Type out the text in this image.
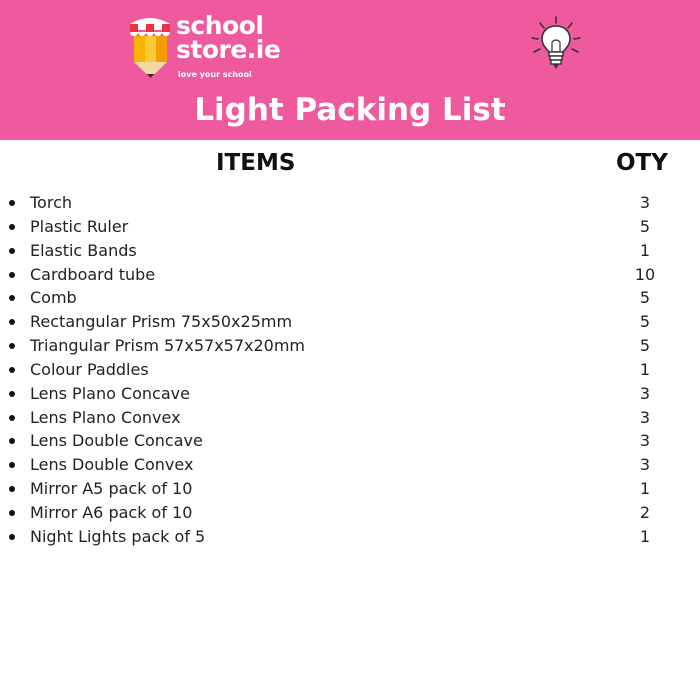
school
store.ie
love your school
Light Packing List
ITEMS	OTY
Torch	3
Plastic Ruler	5
Elastic Bands	1
Cardboard tube	10
Comb	5
Rectangular Prism 75x50x25mm	5
Triangular Prism 57x57x57x20mm	5
Colour Paddles	1
Lens Plano Concave	3
Lens Plano Convex	3
Lens Double Concave	3
Lens Double Convex	3
Mirror A5 pack of 10	1
Mirror A6 pack of 10	2
Night Lights pack of 5	1
